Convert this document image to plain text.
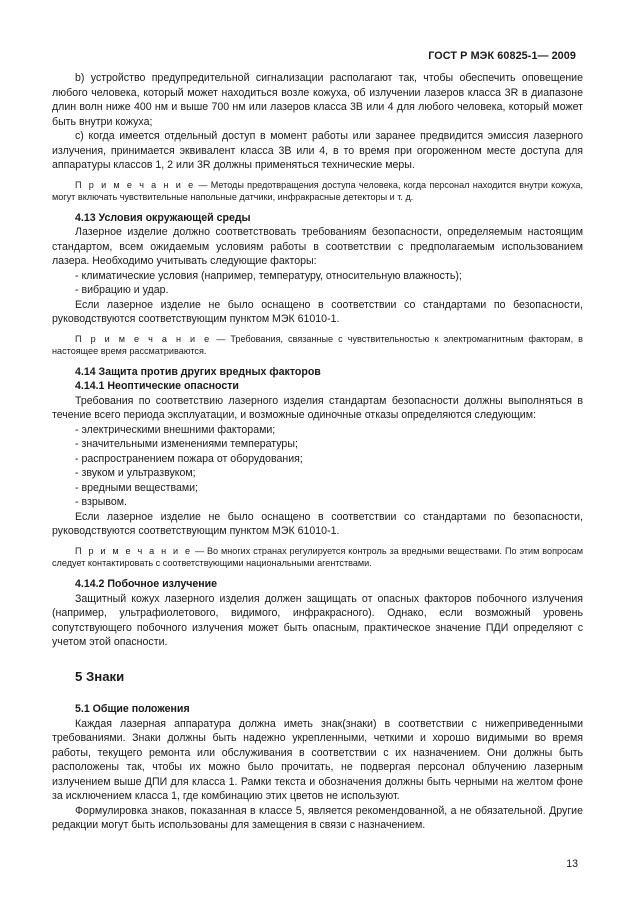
ГОСТ Р МЭК 60825-1— 2009

b) устройство предупредительной сигнализации располагают так, чтобы обеспечить оповещение любого человека, который может находиться возле кожуха, об излучении лазеров класса 3R в диапазоне длин волн ниже 400 нм и выше 700 нм или лазеров класса 3B или 4 для любого человека, который может быть внутри кожуха;

c) когда имеется отдельный доступ в момент работы или заранее предвидится эмиссия лазерного излучения, принимается эквивалент класса 3B или 4, в то время при огороженном месте доступа для аппаратуры классов 1, 2 или 3R должны применяться технические меры.

П р и м е ч а н и е — Методы предотвращения доступа человека, когда персонал находится внутри кожуха, могут включать чувствительные напольные датчики, инфракрасные детекторы и т. д.
4.13 Условия окружающей среды

Лазерное изделие должно соответствовать требованиям безопасности, определяемым настоящим стандартом, всем ожидаемым условиям работы в соответствии с предполагаемым использованием лазера. Необходимо учитывать следующие факторы:

- климатические условия (например, температуру, относительную влажность);
- вибрацию и удар.

Если лазерное изделие не было оснащено в соответствии со стандартами по безопасности, руководствуются соответствующим пунктом МЭК 61010-1.

П р и м е ч а н и е — Требования, связанные с чувствительностью к электромагнитным факторам, в настоящее время рассматриваются.
4.14 Защита против других вредных факторов
4.14.1 Неоптические опасности

Требования по соответствию лазерного изделия стандартам безопасности должны выполняться в течение всего периода эксплуатации, и возможные одиночные отказы определяются следующим:

- электрическими внешними факторами;
- значительными изменениями температуры;
- распространением пожара от оборудования;
- звуком и ультразвуком;
- вредными веществами;
- взрывом.

Если лазерное изделие не было оснащено в соответствии со стандартами по безопасности, руководствуются соответствующим пунктом МЭК 61010-1.

П р и м е ч а н и е — Во многих странах регулируется контроль за вредными веществами. По этим вопросам следует контактировать с соответствующими национальными агентствами.
4.14.2 Побочное излучение

Защитный кожух лазерного изделия должен защищать от опасных факторов побочного излучения (например, ультрафиолетового, видимого, инфракрасного). Однако, если возможный уровень сопутствующего побочного излучения может быть опасным, практическое значение ПДИ определяют с учетом этой опасности.

5 Знаки
5.1 Общие положения

Каждая лазерная аппаратура должна иметь знак(знаки) в соответствии с нижеприведенными требованиями. Знаки должны быть надежно укрепленными, четкими и хорошо видимыми во время работы, текущего ремонта или обслуживания в соответствии с их назначением. Они должны быть расположены так, чтобы их можно было прочитать, не подвергая персонал облучению лазерным излучением выше ДПИ для класса 1. Рамки текста и обозначения должны быть черными на желтом фоне за исключением класса 1, где комбинацию этих цветов не используют.

Формулировка знаков, показанная в классе 5, является рекомендованной, а не обязательной. Другие редакции могут быть использованы для замещения в связи с назначением.

13
